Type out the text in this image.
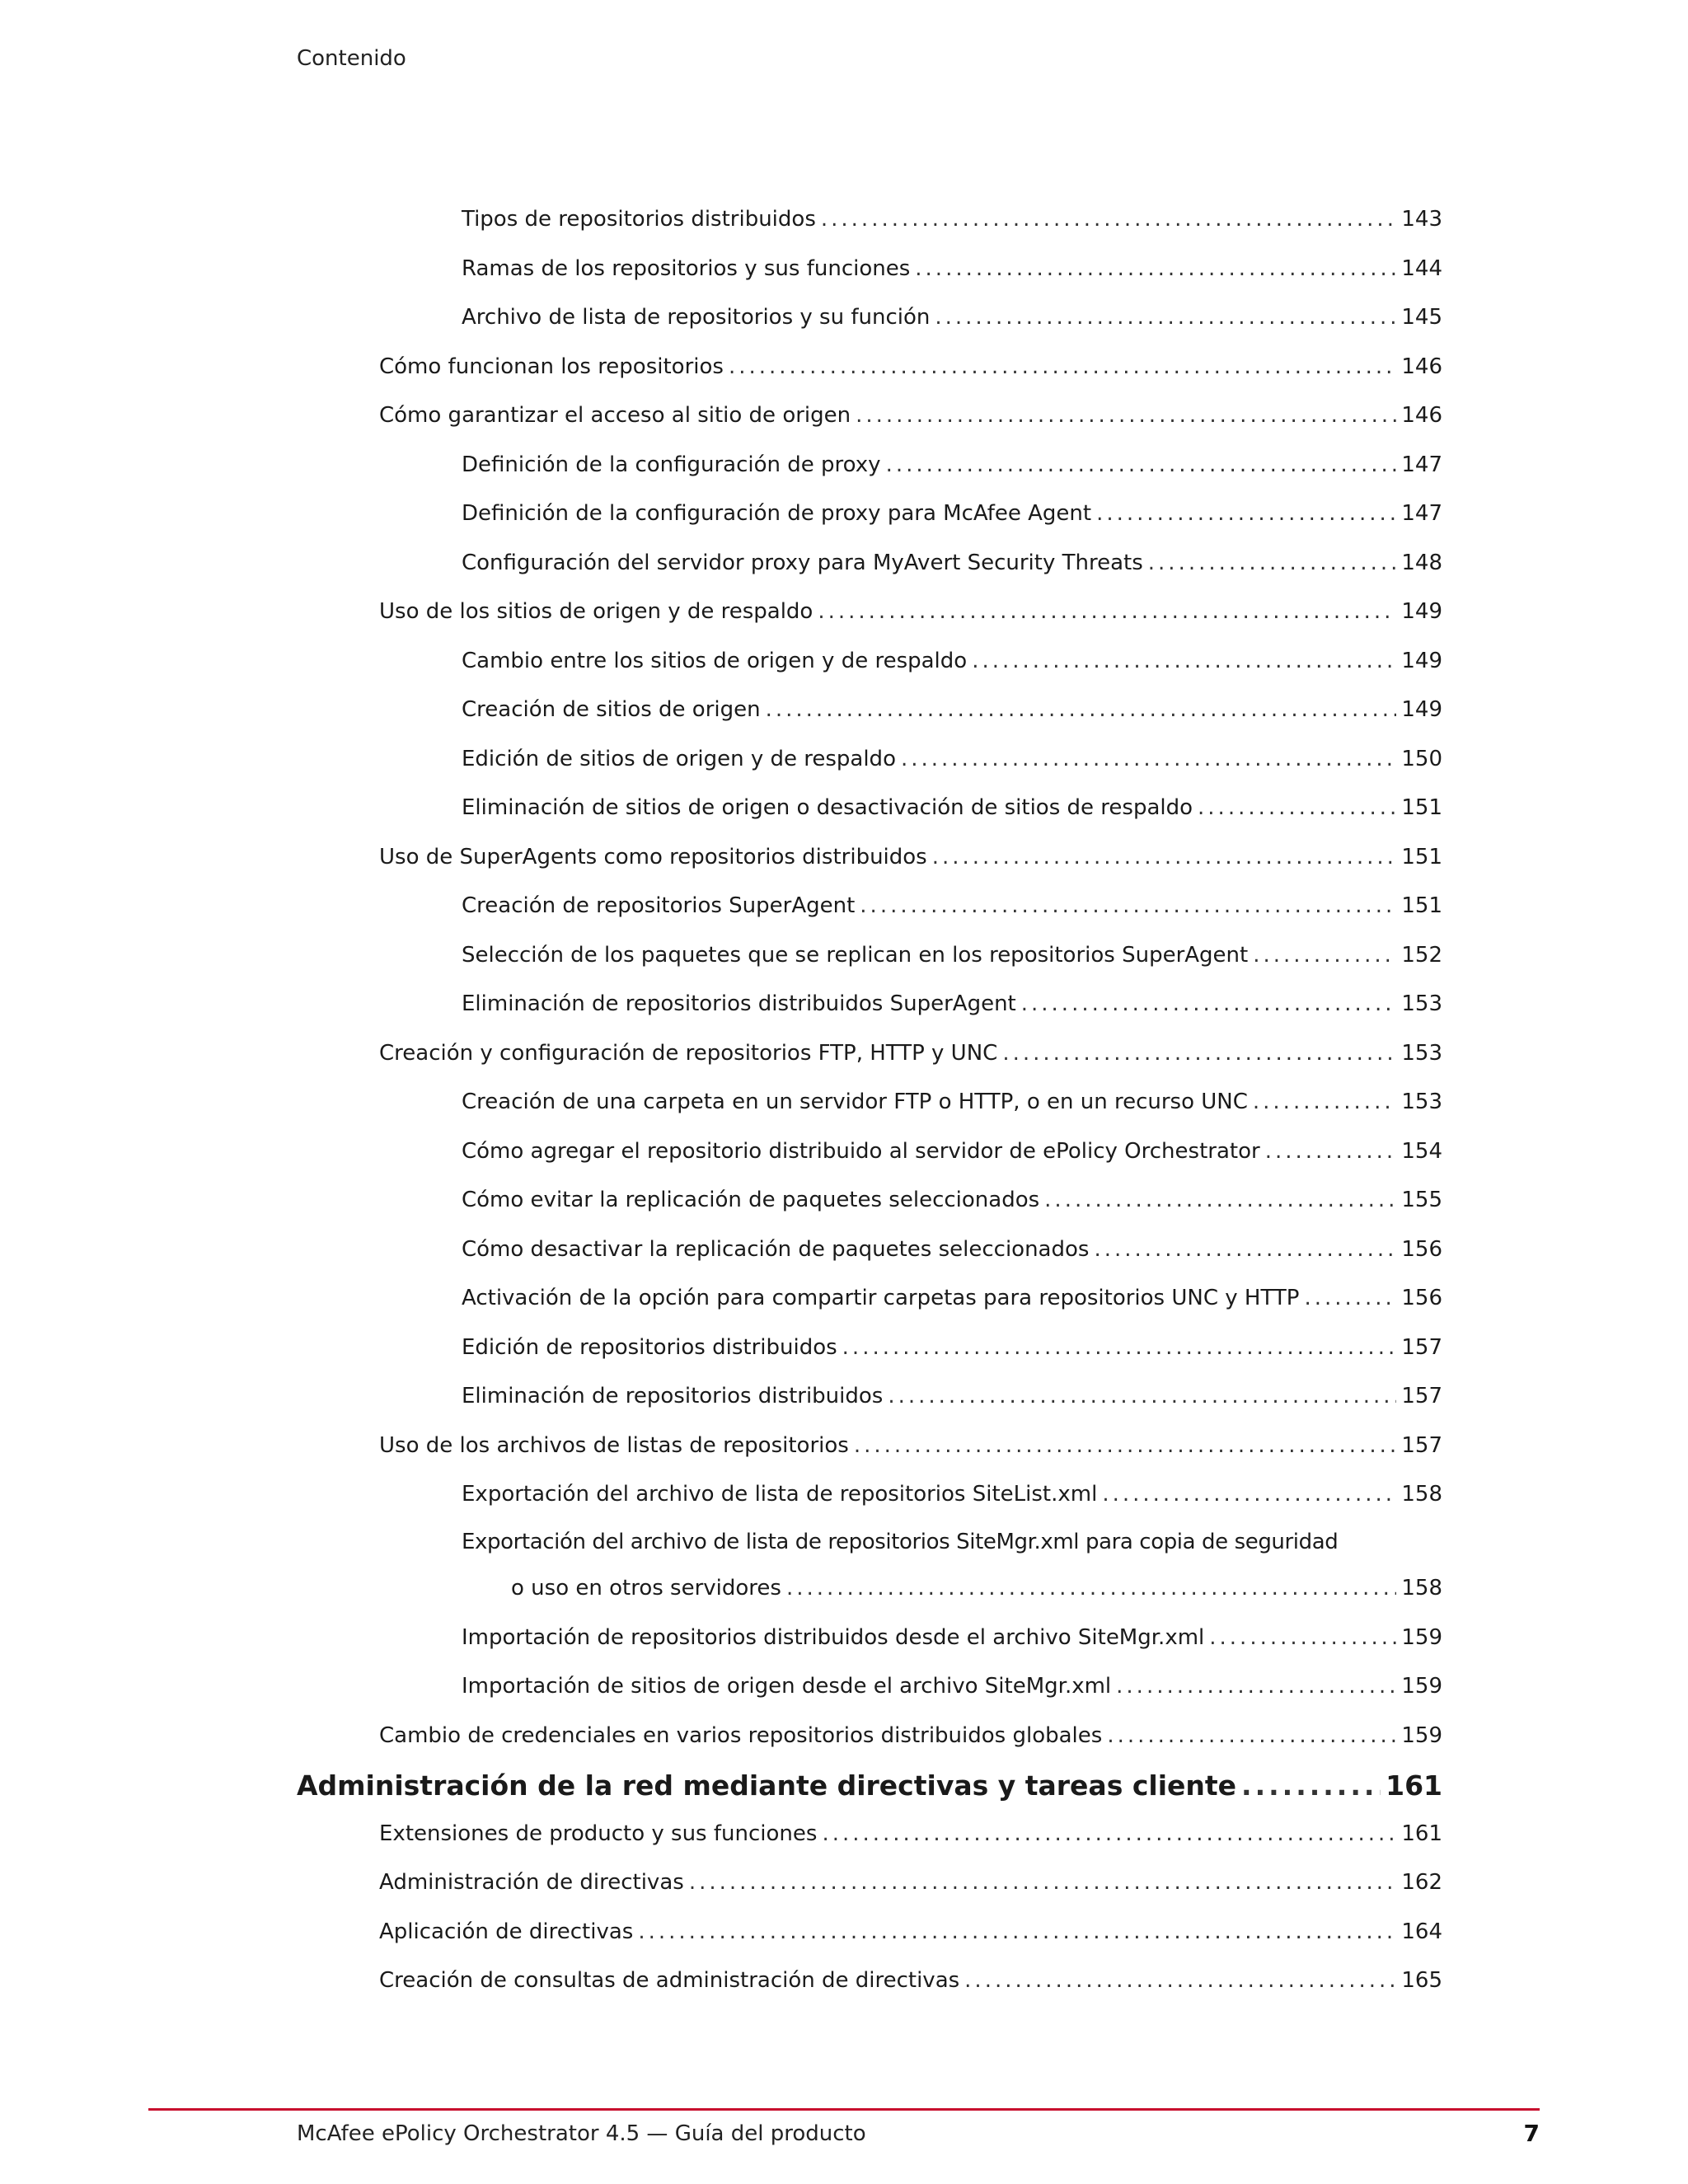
Contenido
Tipos de repositorios distribuidos .....	143
Ramas de los repositorios y sus funciones .....	144
Archivo de lista de repositorios y su función .....	145
Cómo funcionan los repositorios .....	146
Cómo garantizar el acceso al sitio de origen .....	146
Definición de la configuración de proxy .....	147
Definición de la configuración de proxy para McAfee Agent .....	147
Configuración del servidor proxy para MyAvert Security Threats .....	148
Uso de los sitios de origen y de respaldo .....	149
Cambio entre los sitios de origen y de respaldo .....	149
Creación de sitios de origen .....	149
Edición de sitios de origen y de respaldo .....	150
Eliminación de sitios de origen o desactivación de sitios de respaldo .....	151
Uso de SuperAgents como repositorios distribuidos .....	151
Creación de repositorios SuperAgent .....	151
Selección de los paquetes que se replican en los repositorios SuperAgent .....	152
Eliminación de repositorios distribuidos SuperAgent .....	153
Creación y configuración de repositorios FTP, HTTP y UNC .....	153
Creación de una carpeta en un servidor FTP o HTTP, o en un recurso UNC .....	153
Cómo agregar el repositorio distribuido al servidor de ePolicy Orchestrator .....	154
Cómo evitar la replicación de paquetes seleccionados .....	155
Cómo desactivar la replicación de paquetes seleccionados .....	156
Activación de la opción para compartir carpetas para repositorios UNC y HTTP .....	156
Edición de repositorios distribuidos .....	157
Eliminación de repositorios distribuidos .....	157
Uso de los archivos de listas de repositorios .....	157
Exportación del archivo de lista de repositorios SiteList.xml .....	158
Exportación del archivo de lista de repositorios SiteMgr.xml para copia de seguridad
o uso en otros servidores .....	158
Importación de repositorios distribuidos desde el archivo SiteMgr.xml .....	159
Importación de sitios de origen desde el archivo SiteMgr.xml .....	159
Cambio de credenciales en varios repositorios distribuidos globales .....	159
Administración de la red mediante directivas y tareas cliente .....	161
Extensiones de producto y sus funciones .....	161
Administración de directivas .....	162
Aplicación de directivas .....	164
Creación de consultas de administración de directivas .....	165
McAfee ePolicy Orchestrator 4.5 — Guía del producto	7
